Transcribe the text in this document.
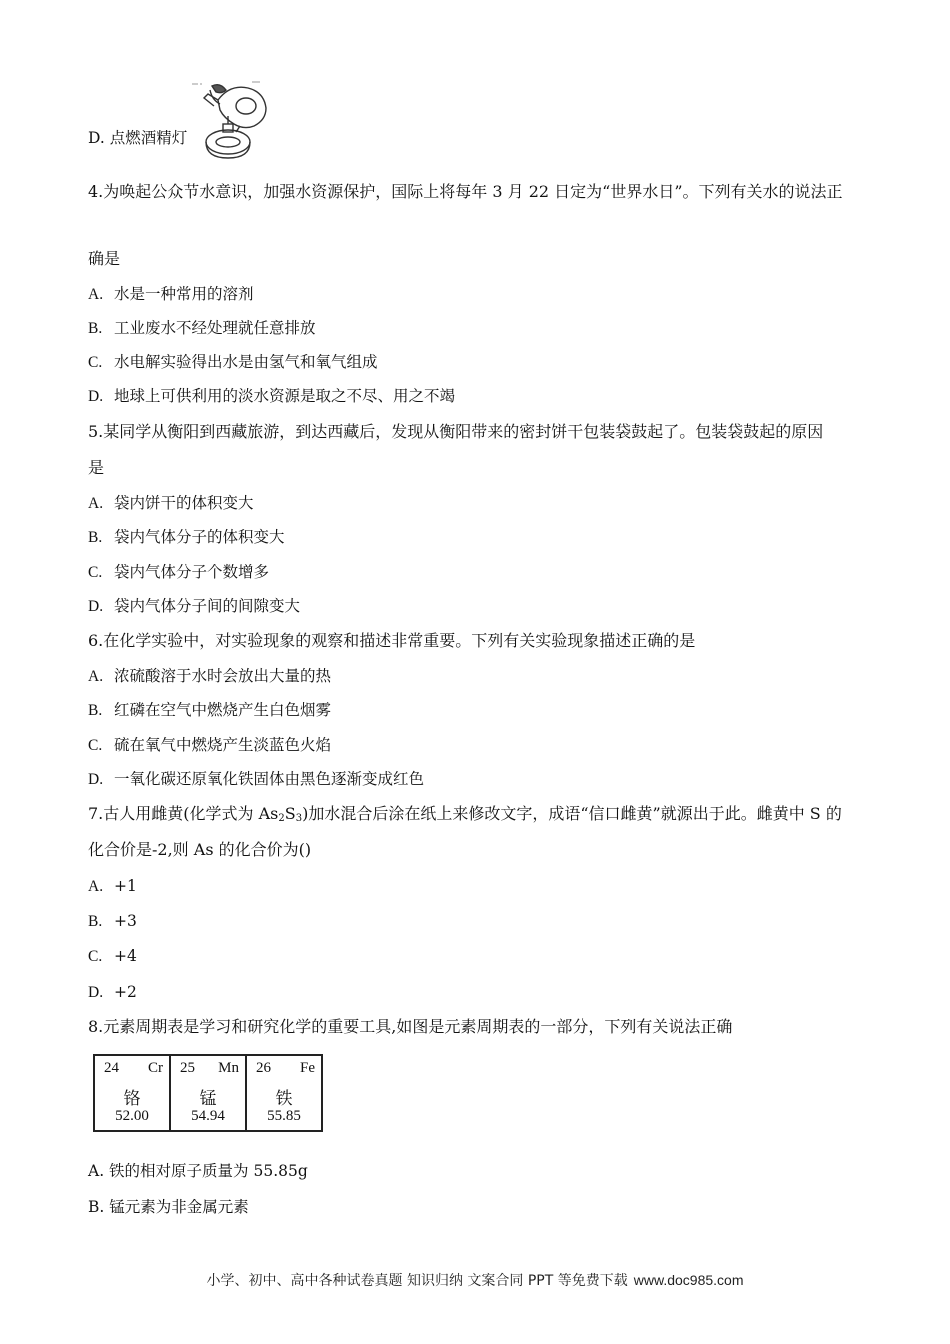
D. 点燃酒精灯
4.为唤起公众节水意识，加强水资源保护，国际上将每年 3 月 22 日定为“世界水日”。下列有关水的说法正
确是
A. 水是一种常用的溶剂
B. 工业废水不经处理就任意排放
C. 水电解实验得出水是由氢气和氧气组成
D. 地球上可供利用的淡水资源是取之不尽、用之不竭
5.某同学从衡阳到西藏旅游，到达西藏后，发现从衡阳带来的密封饼干包装袋鼓起了。包装袋鼓起的原因
是
A. 袋内饼干的体积变大
B. 袋内气体分子的体积变大
C. 袋内气体分子个数增多
D. 袋内气体分子间的间隙变大
6.在化学实验中，对实验现象的观察和描述非常重要。下列有关实验现象描述正确的是
A. 浓硫酸溶于水时会放出大量的热
B. 红磷在空气中燃烧产生白色烟雾
C. 硫在氧气中燃烧产生淡蓝色火焰
D. 一氧化碳还原氧化铁固体由黑色逐渐变成红色
7.古人用雌黄(化学式为 $As_2S_3$)加水混合后涂在纸上来修改文字，成语“信口雌黄”就源出于此。雌黄中 S 的
化合价是-2,则 As 的化合价为()
A. +1
B. +3
C. +4
D. +2
8.元素周期表是学习和研究化学的重要工具,如图是元素周期表的一部分，下列有关说法正确
24 Cr
铬
52.00

25 Mn
锰
54.94

26 Fe
铁
55.85
A. 铁的相对原子质量为 55.85g
B. 锰元素为非金属元素
小学、初中、高中各种试卷真题 知识归纳 文案合同 PPT 等免费下载 www.doc985.com
